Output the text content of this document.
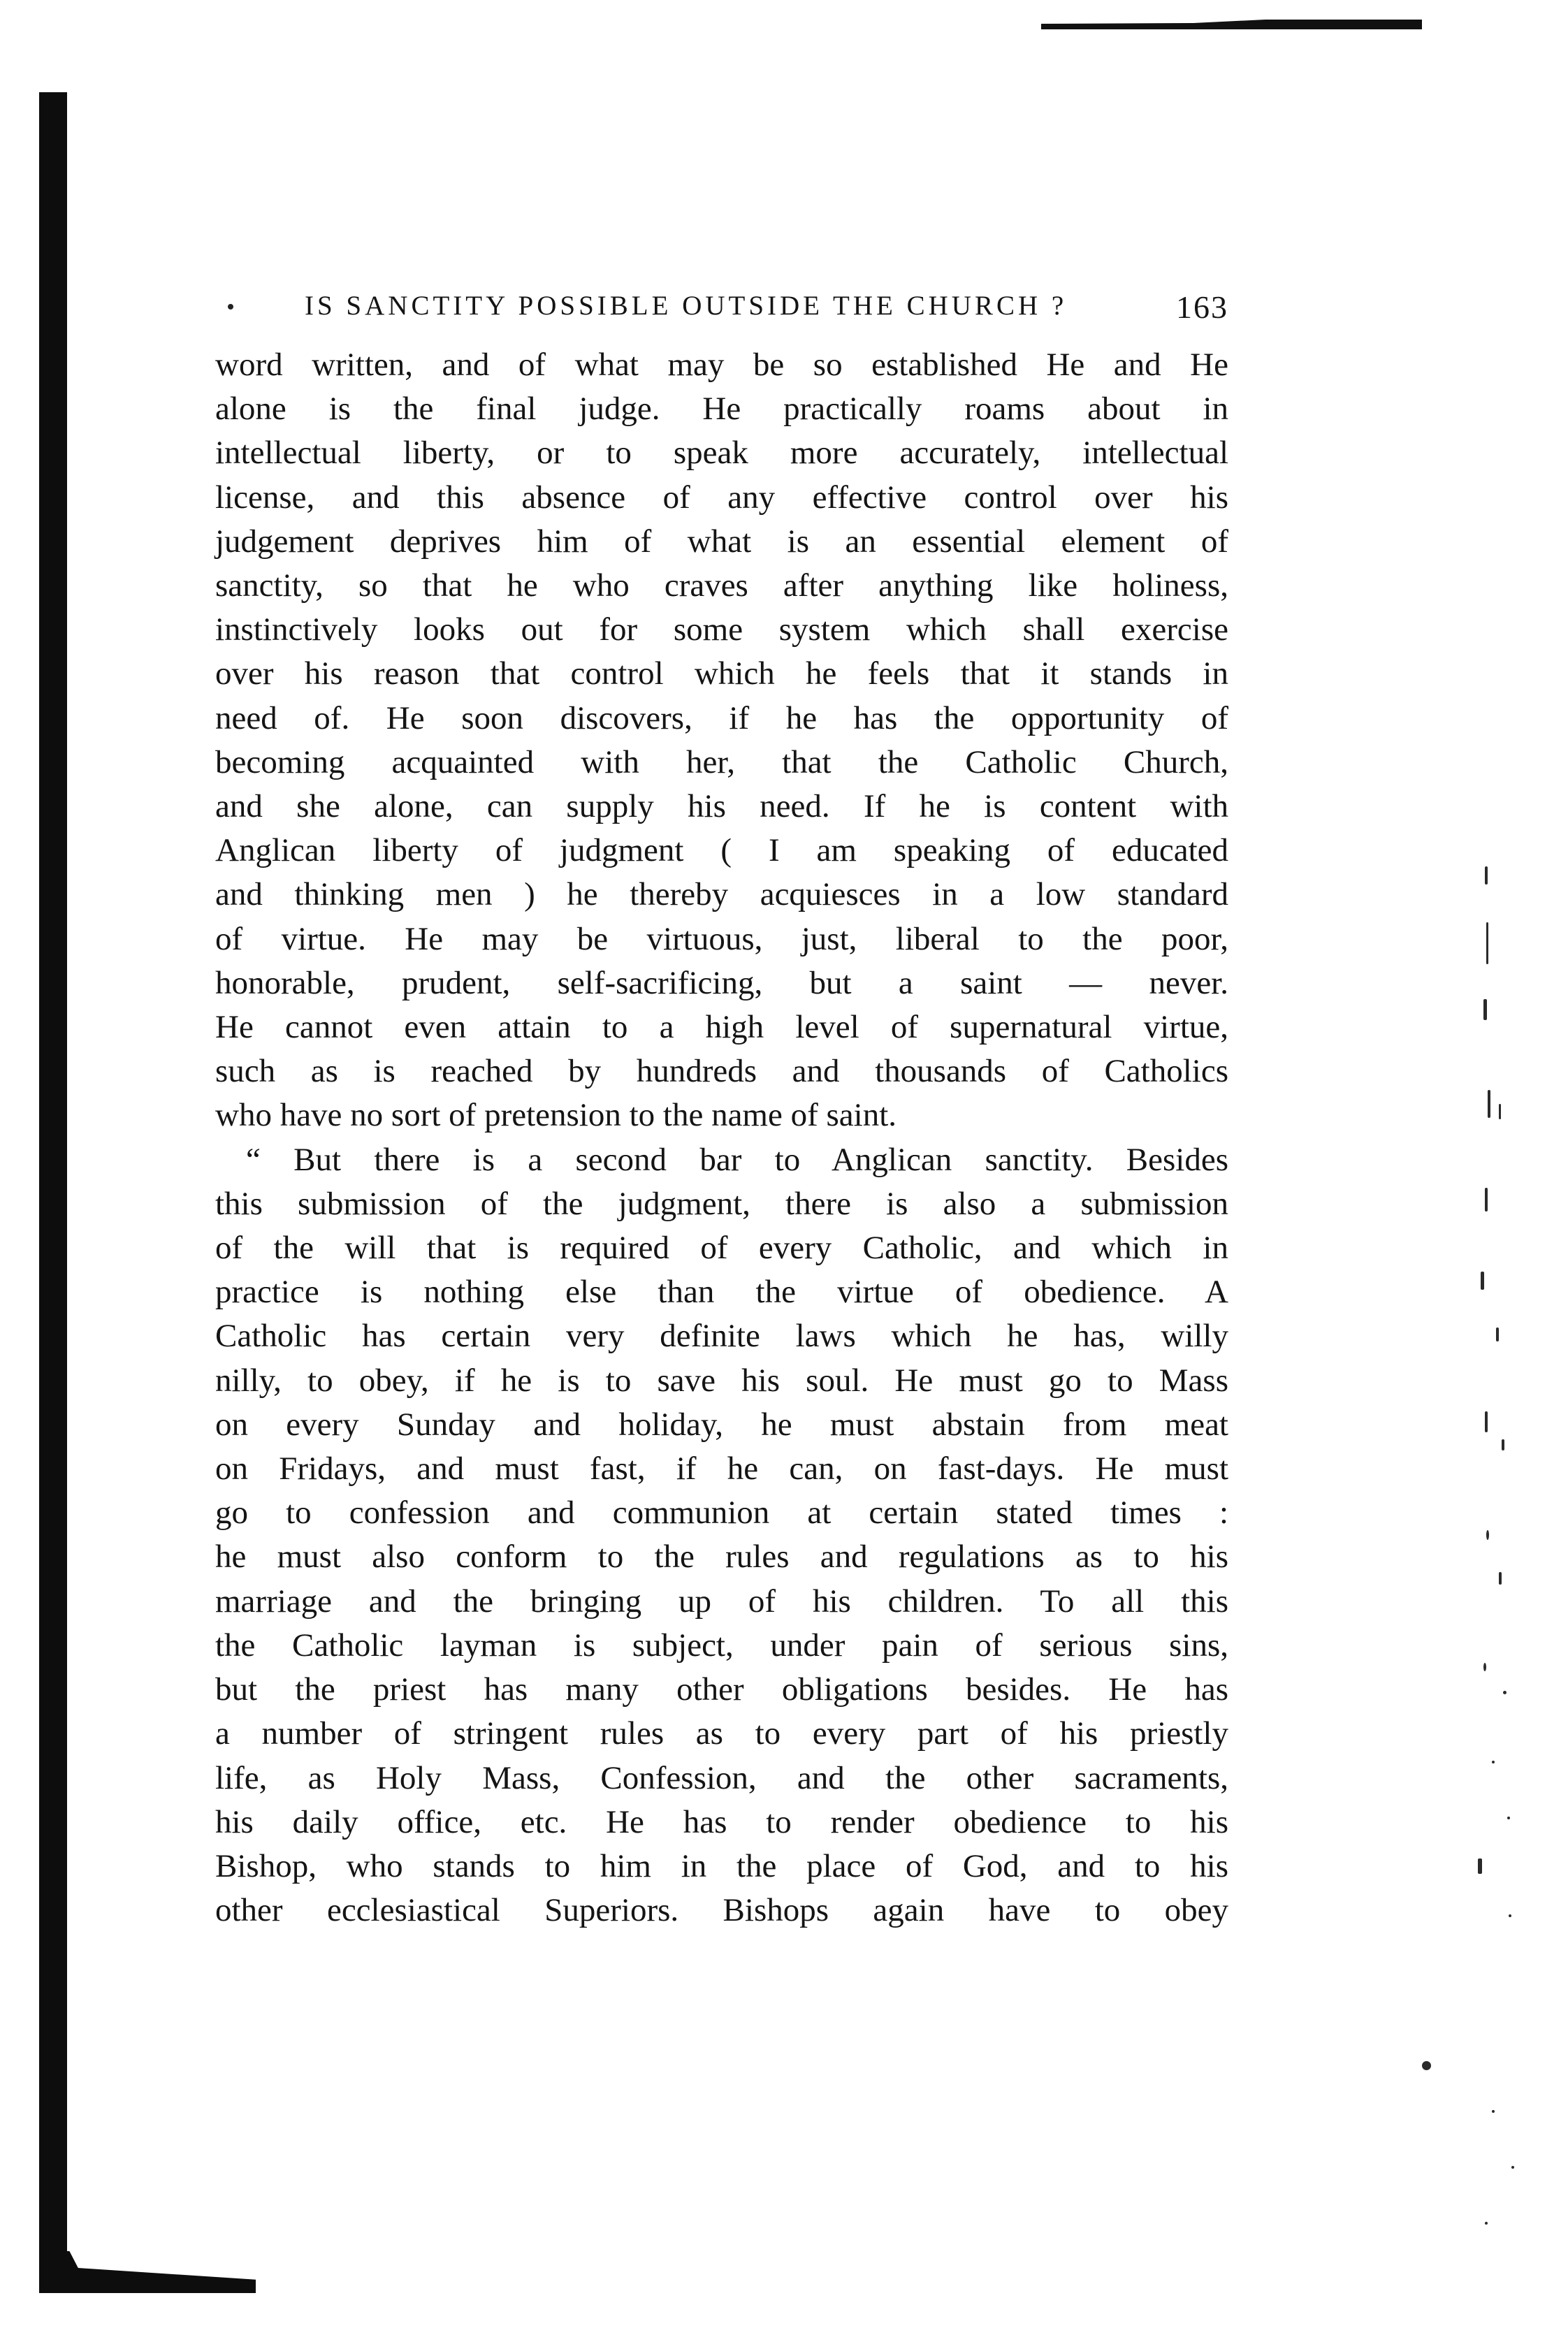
IS SANCTITY POSSIBLE OUTSIDE THE CHURCH ?	163
word written, and of what may be so established He and He
alone is the final judge. He practically roams about in
intellectual liberty, or to speak more accurately, intellectual
license, and this absence of any effective control over his
judgement deprives him of what is an essential element of
sanctity, so that he who craves after anything like holiness,
instinctively looks out for some system which shall exercise
over his reason that control which he feels that it stands in
need of. He soon discovers, if he has the opportunity of
becoming acquainted with her, that the Catholic Church,
and she alone, can supply his need. If he is content with
Anglican liberty of judgment ( I am speaking of educated
and thinking men ) he thereby acquiesces in a low standard
of virtue. He may be virtuous, just, liberal to the poor,
honorable, prudent, self-sacrificing, but a saint — never.
He cannot even attain to a high level of supernatural virtue,
such as is reached by hundreds and thousands of Catholics
who have no sort of pretension to the name of saint.
“ But there is a second bar to Anglican sanctity. Besides
this submission of the judgment, there is also a submission
of the will that is required of every Catholic, and which in
practice is nothing else than the virtue of obedience. A
Catholic has certain very definite laws which he has, willy
nilly, to obey, if he is to save his soul. He must go to Mass
on every Sunday and holiday, he must abstain from meat
on Fridays, and must fast, if he can, on fast-days. He must
go to confession and communion at certain stated times :
he must also conform to the rules and regulations as to his
marriage and the bringing up of his children. To all this
the Catholic layman is subject, under pain of serious sins,
but the priest has many other obligations besides. He has
a number of stringent rules as to every part of his priestly
life, as Holy Mass, Confession, and the other sacraments,
his daily office, etc. He has to render obedience to his
Bishop, who stands to him in the place of God, and to his
other ecclesiastical Superiors. Bishops again have to obey
